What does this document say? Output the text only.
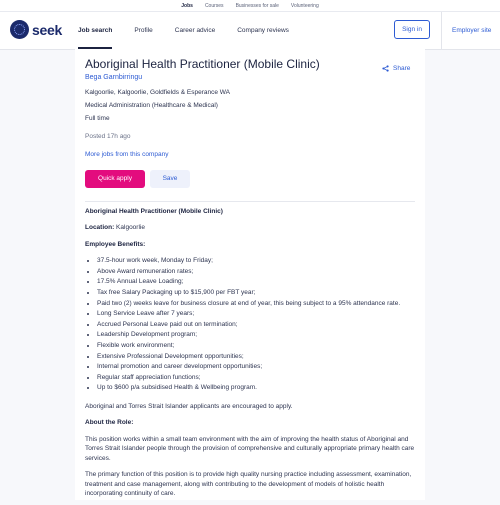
Jobs	Courses	Businesses for sale	Volunteering
seek Job search	Profile	Career advice	Company reviews	Sign in	Employer site
Aboriginal Health Practitioner (Mobile Clinic)	Share
Bega Garnbirringu
Kalgoorlie, Kalgoorlie, Goldfields & Esperance WA
Medical Administration (Healthcare & Medical)
Full time
Posted 17h ago
More jobs from this company
Quick apply	Save

Aboriginal Health Practitioner (Mobile Clinic)

Location: Kalgoorlie

Employee Benefits:

• 37.5-hour work week, Monday to Friday;
• Above Award remuneration rates;
• 17.5% Annual Leave Loading;
• Tax free Salary Packaging up to $15,900 per FBT year;
• Paid two (2) weeks leave for business closure at end of year, this being subject to a 95% attendance rate.
• Long Service Leave after 7 years;
• Accrued Personal Leave paid out on termination;
• Leadership Development program;
• Flexible work environment;
• Extensive Professional Development opportunities;
• Internal promotion and career development opportunities;
• Regular staff appreciation functions;
• Up to $600 p/a subsidised Health & Wellbeing program.

Aboriginal and Torres Strait Islander applicants are encouraged to apply.

About the Role:

This position works within a small team environment with the aim of improving the health status of Aboriginal and Torres Strait Islander people through the provision of comprehensive and culturally appropriate primary health care services.

The primary function of this position is to provide high quality nursing practice including assessment, examination, treatment and case management, along with contributing to the development of models of holistic health incorporating continuity of care.
